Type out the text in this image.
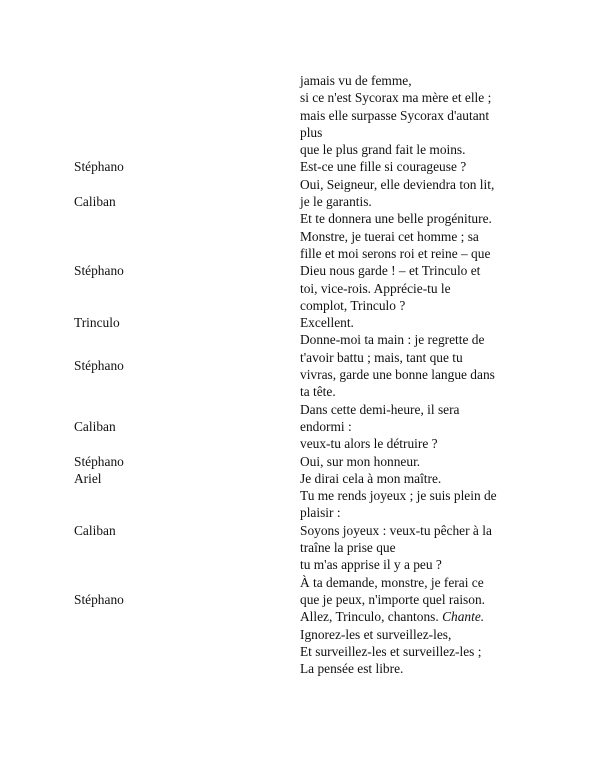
	jamais vu de femme,
si ce n'est Sycorax ma mère et elle ;
mais elle surpasse Sycorax d'autant
plus
que le plus grand fait le moins.

Stéphano	Est-ce une fille si courageuse ?

Caliban	Oui, Seigneur, elle deviendra ton lit,
je le garantis.
Et te donnera une belle progéniture.

Stéphano	Monstre, je tuerai cet homme ; sa
fille et moi serons roi et reine – que
Dieu nous garde ! – et Trinculo et
toi, vice-rois. Apprécie-tu le
complot, Trinculo ?

Trinculo	Excellent.

Stéphano	Donne-moi ta main : je regrette de
t'avoir battu ; mais, tant que tu
vivras, garde une bonne langue dans
ta tête.

Caliban	Dans cette demi-heure, il sera
endormi :
veux-tu alors le détruire ?

Stéphano	Oui, sur mon honneur.

Ariel	Je dirai cela à mon maître.

Caliban	Tu me rends joyeux ; je suis plein de
plaisir :
Soyons joyeux : veux-tu pêcher à la
traîne la prise que
tu m'as apprise il y a peu ?

Stéphano	À ta demande, monstre, je ferai ce
que je peux, n'importe quel raison.
Allez, Trinculo, chantons. Chante.

	Ignorez-les et surveillez-les,
Et surveillez-les et surveillez-les ;
La pensée est libre.
